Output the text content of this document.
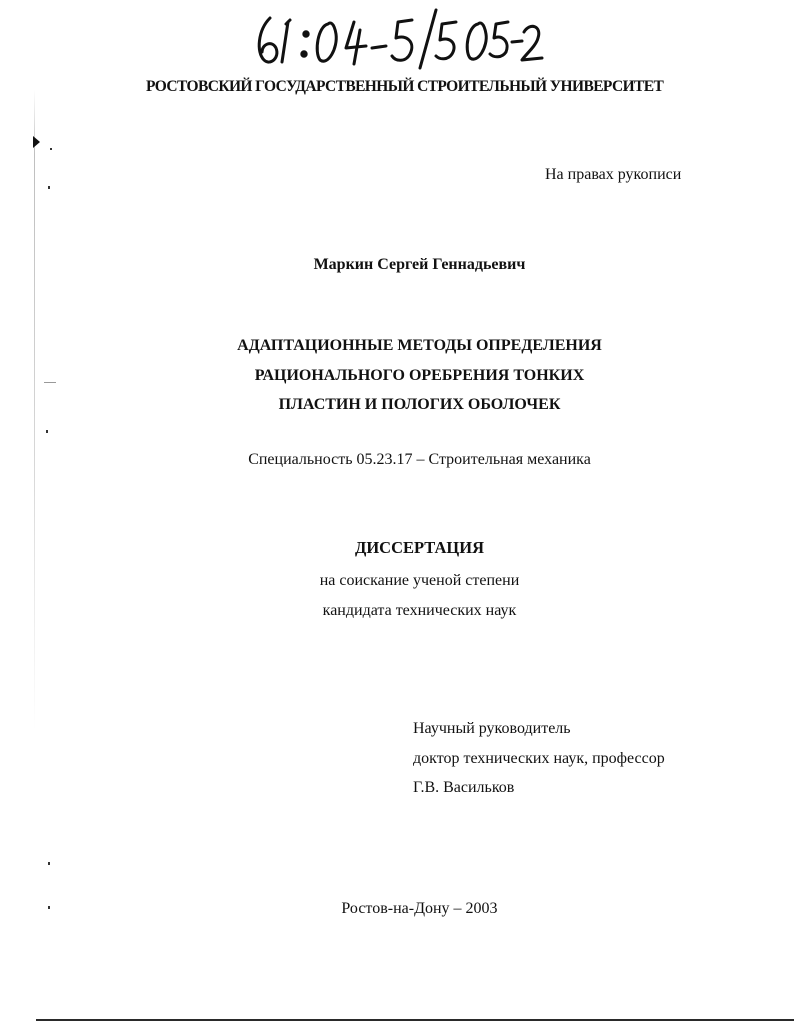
РОСТОВСКИЙ ГОСУДАРСТВЕННЫЙ СТРОИТЕЛЬНЫЙ УНИВЕРСИТЕТ
На правах рукописи
Маркин Сергей Геннадьевич
АДАПТАЦИОННЫЕ МЕТОДЫ ОПРЕДЕЛЕНИЯ
РАЦИОНАЛЬНОГО ОРЕБРЕНИЯ ТОНКИХ
ПЛАСТИН И ПОЛОГИХ ОБОЛОЧЕК
Специальность 05.23.17 – Строительная механика
ДИССЕРТАЦИЯ
на соискание ученой степени
кандидата технических наук
Научный руководитель
доктор технических наук, профессор
Г.В. Васильков
Ростов-на-Дону – 2003
